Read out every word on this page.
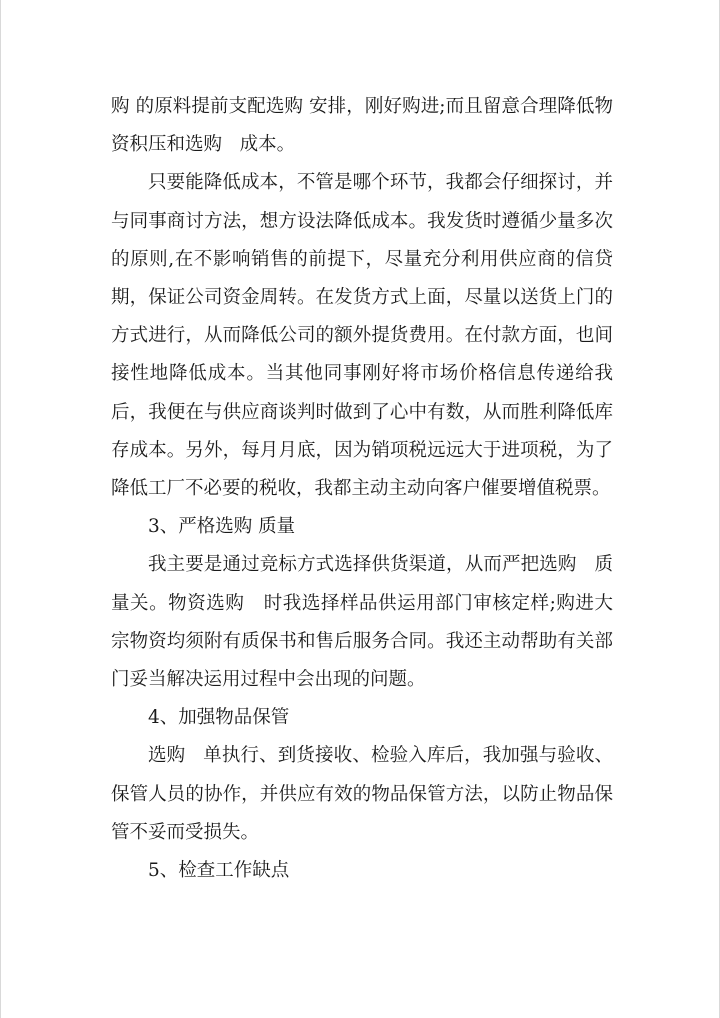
购 的原料提前支配选购 安排，刚好购进;而且留意合理降低物资积压和选购   成本。

只要能降低成本，不管是哪个环节，我都会仔细探讨，并与同事商讨方法，想方设法降低成本。我发货时遵循少量多次的原则,在不影响销售的前提下，尽量充分利用供应商的信贷期，保证公司资金周转。在发货方式上面，尽量以送货上门的方式进行，从而降低公司的额外提货费用。在付款方面，也间接性地降低成本。当其他同事刚好将市场价格信息传递给我后，我便在与供应商谈判时做到了心中有数，从而胜利降低库存成本。另外，每月月底，因为销项税远远大于进项税，为了降低工厂不必要的税收，我都主动主动向客户催要增值税票。

3、严格选购 质量

我主要是通过竞标方式选择供货渠道，从而严把选购   质量关。物资选购   时我选择样品供运用部门审核定样;购进大宗物资均须附有质保书和售后服务合同。我还主动帮助有关部门妥当解决运用过程中会出现的问题。

4、加强物品保管

选购   单执行、到货接收、检验入库后，我加强与验收、保管人员的协作，并供应有效的物品保管方法，以防止物品保管不妥而受损失。

5、检查工作缺点
